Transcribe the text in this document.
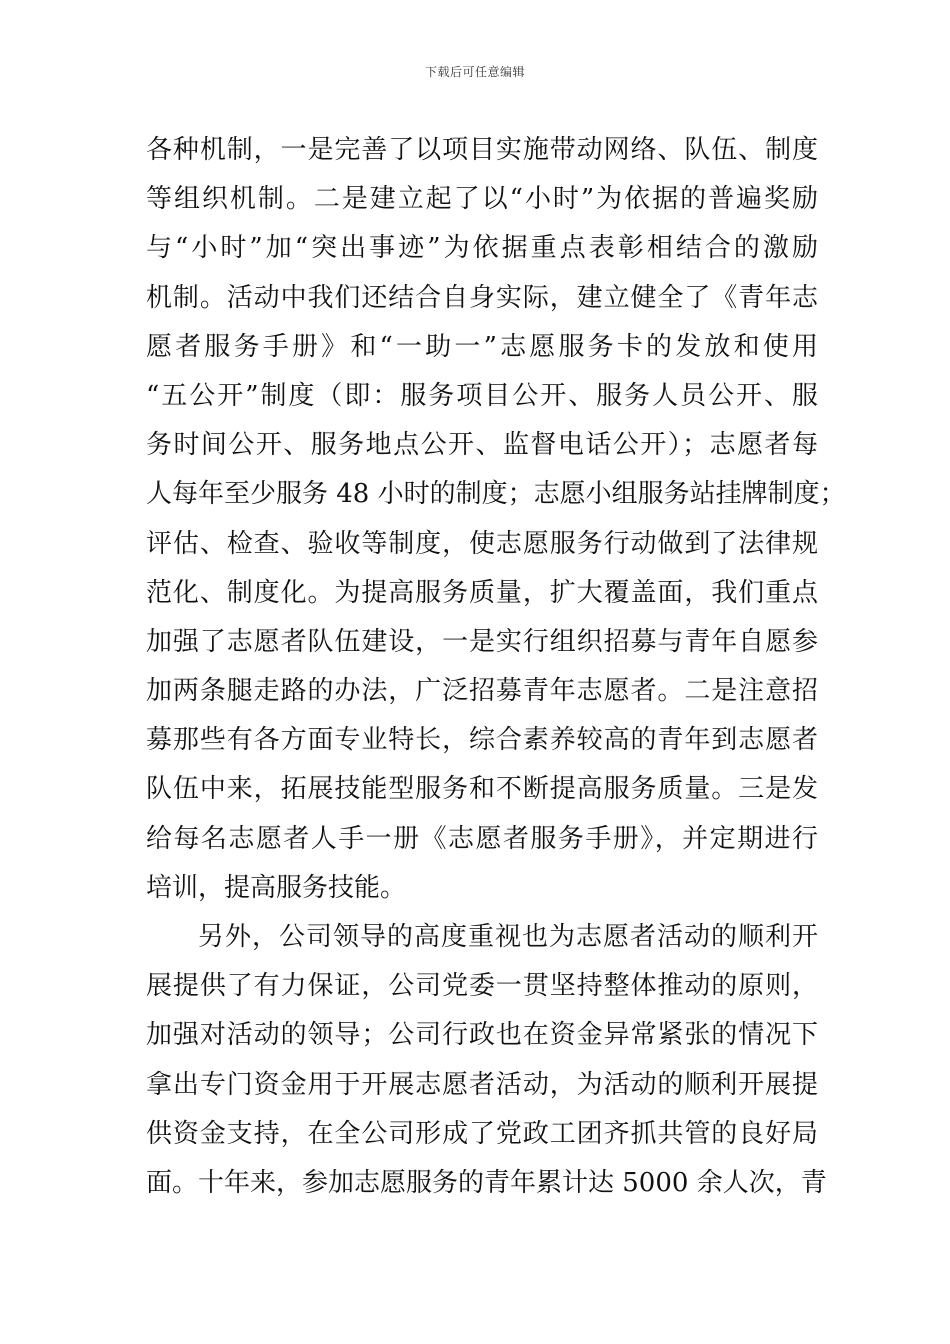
下载后可任意编辑
各种机制，一是完善了以项目实施带动网络、队伍、制度
等组织机制。二是建立起了以“小时”为依据的普遍奖励
与“小时”加“突出事迹”为依据重点表彰相结合的激励
机制。活动中我们还结合自身实际，建立健全了《青年志
愿者服务手册》和“一助一”志愿服务卡的发放和使用
“五公开”制度（即：服务项目公开、服务人员公开、服
务时间公开、服务地点公开、监督电话公开）；志愿者每
人每年至少服务 48 小时的制度；志愿小组服务站挂牌制度；
评估、检查、验收等制度，使志愿服务行动做到了法律规
范化、制度化。为提高服务质量，扩大覆盖面，我们重点
加强了志愿者队伍建设，一是实行组织招募与青年自愿参
加两条腿走路的办法，广泛招募青年志愿者。二是注意招
募那些有各方面专业特长，综合素养较高的青年到志愿者
队伍中来，拓展技能型服务和不断提高服务质量。三是发
给每名志愿者人手一册《志愿者服务手册》，并定期进行
培训，提高服务技能。
另外，公司领导的高度重视也为志愿者活动的顺利开
展提供了有力保证，公司党委一贯坚持整体推动的原则，
加强对活动的领导；公司行政也在资金异常紧张的情况下
拿出专门资金用于开展志愿者活动，为活动的顺利开展提
供资金支持，在全公司形成了党政工团齐抓共管的良好局
面。十年来，参加志愿服务的青年累计达 5000 余人次，青
